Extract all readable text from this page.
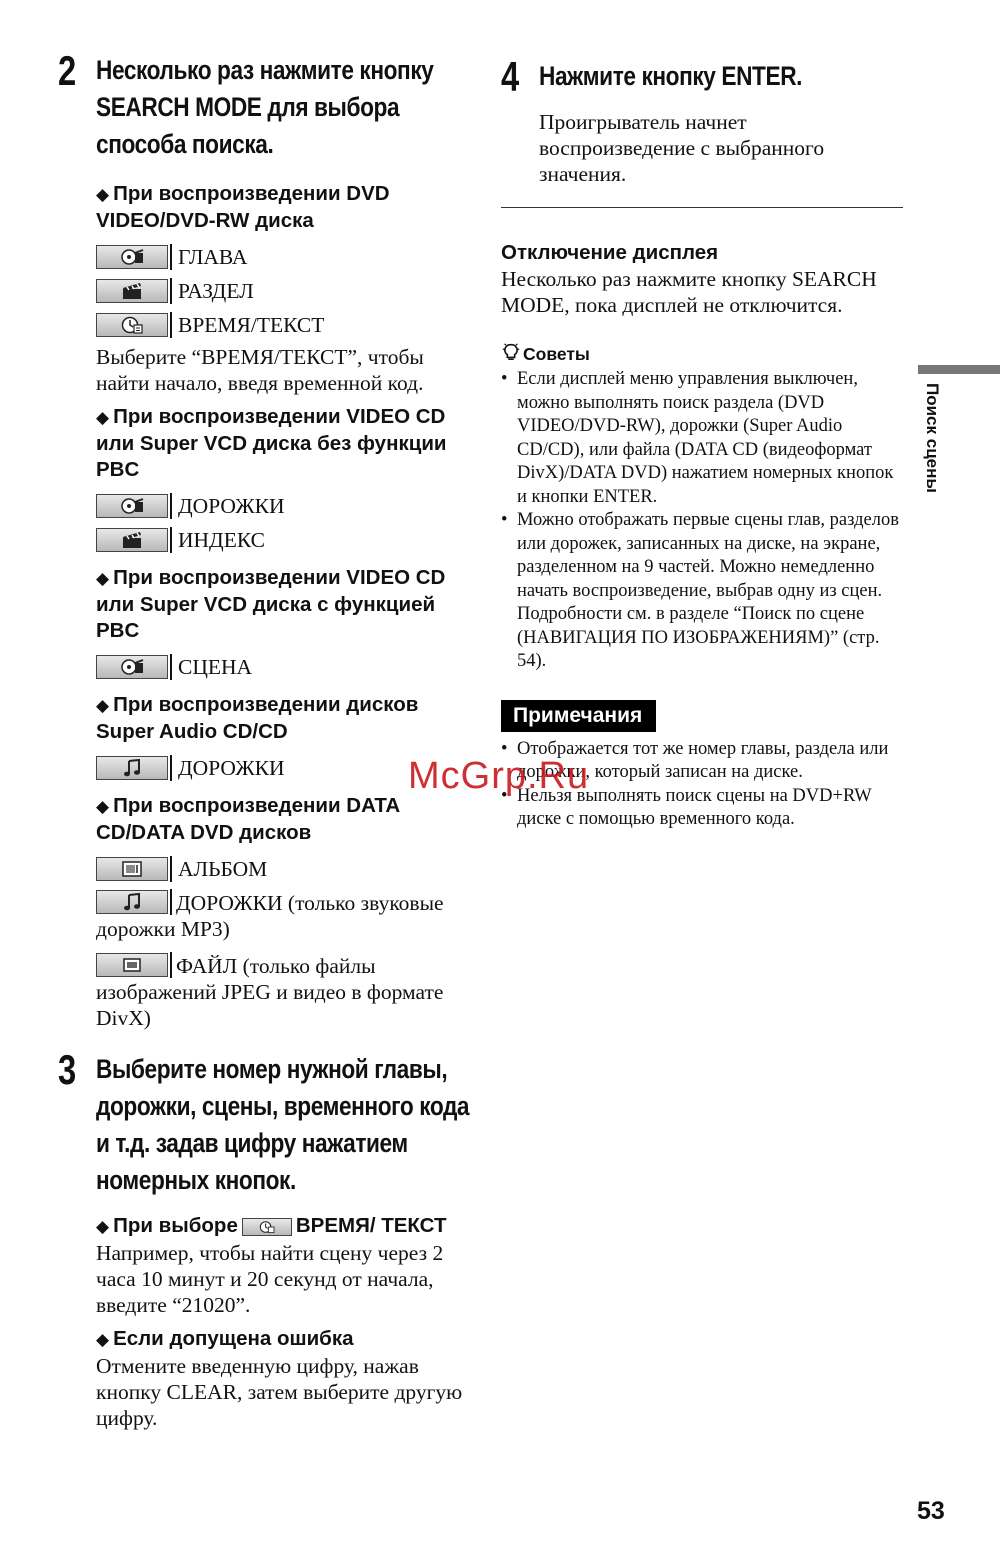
2 Несколько раз нажмите кнопку SEARCH MODE для выбора способа поиска.

◆ При воспроизведении DVD VIDEO/DVD-RW диска

ГЛАВА
РАЗДЕЛ
ВРЕМЯ/ТЕКСТ

Выберите “ВРЕМЯ/ТЕКСТ”, чтобы найти начало, введя временной код.

◆ При воспроизведении VIDEO CD или Super VCD диска без функции PBC

ДОРОЖКИ
ИНДЕКС

◆ При воспроизведении VIDEO CD или Super VCD диска с функцией PBC

СЦЕНА

◆ При воспроизведении дисков Super Audio CD/CD

ДОРОЖКИ

◆ При воспроизведении DATA CD/DATA DVD дисков

АЛЬБОМ

ДОРОЖКИ (только звуковые дорожки MP3)

ФАЙЛ (только файлы изображений JPEG и видео в формате DivX)

3 Выберите номер нужной главы, дорожки, сцены, временного кода и т.д. задав цифру нажатием номерных кнопок.

◆ При выборе	ВРЕМЯ/ ТЕКСТ

Например, чтобы найти сцену через 2 часа 10 минут и 20 секунд от начала, введите “21020”.

◆ Если допущена ошибка

Отмените введенную цифру, нажав кнопку CLEAR, затем выберите другую цифру.

4 Нажмите кнопку ENTER.

Проигрыватель начнет воспроизведение с выбранного значения.

Отключение дисплея

Несколько раз нажмите кнопку SEARCH MODE, пока дисплей не отключится.

Советы

• Если дисплей меню управления выключен, можно выполнять поиск раздела (DVD VIDEO/DVD-RW), дорожки (Super Audio CD/CD), или файла (DATA CD (видеоформат DivX)/DATA DVD) нажатием номерных кнопок и кнопки ENTER.
• Можно отображать первые сцены глав, разделов или дорожек, записанных на диске, на экране, разделенном на 9 частей. Можно немедленно начать воспроизведение, выбрав одну из сцен. Подробности см. в разделе “Поиск по сцене (НАВИГАЦИЯ ПО ИЗОБРАЖЕНИЯМ)” (стр. 54).
Примечания
• Отображается тот же номер главы, раздела или дорожки, который записан на диске.
• Нельзя выполнять поиск сцены на DVD+RW диске с помощью временного кода.
McGrp.Ru
Поиск сцены
53
